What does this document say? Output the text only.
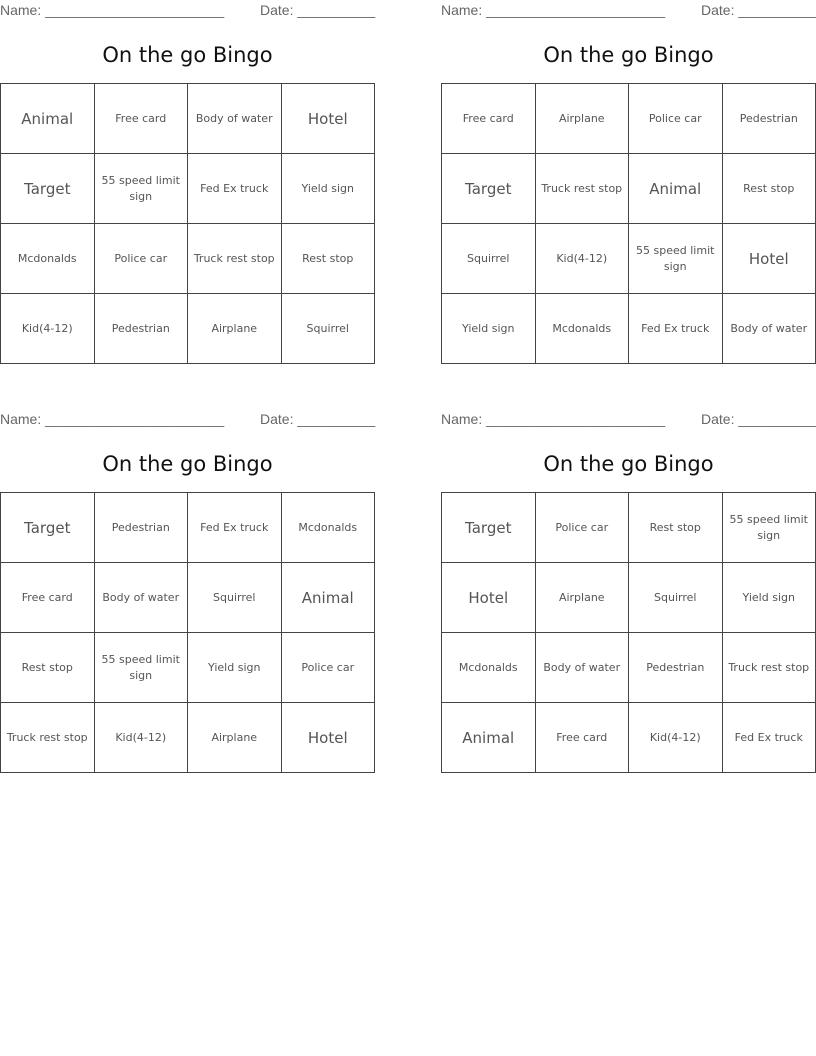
Name: _______________________	Date: __________
On the go Bingo
Animal	Free card	Body of water	Hotel
Target	55 speed limit sign	Fed Ex truck	Yield sign
Mcdonalds	Police car	Truck rest stop	Rest stop
Kid(4-12)	Pedestrian	Airplane	Squirrel
Name: _______________________	Date: __________
On the go Bingo
Free card	Airplane	Police car	Pedestrian
Target	Truck rest stop	Animal	Rest stop
Squirrel	Kid(4-12)	55 speed limit sign	Hotel
Yield sign	Mcdonalds	Fed Ex truck	Body of water
Name: _______________________	Date: __________
On the go Bingo
Target	Pedestrian	Fed Ex truck	Mcdonalds
Free card	Body of water	Squirrel	Animal
Rest stop	55 speed limit sign	Yield sign	Police car
Truck rest stop	Kid(4-12)	Airplane	Hotel
Name: _______________________	Date: __________
On the go Bingo
Target	Police car	Rest stop	55 speed limit sign
Hotel	Airplane	Squirrel	Yield sign
Mcdonalds	Body of water	Pedestrian	Truck rest stop
Animal	Free card	Kid(4-12)	Fed Ex truck
